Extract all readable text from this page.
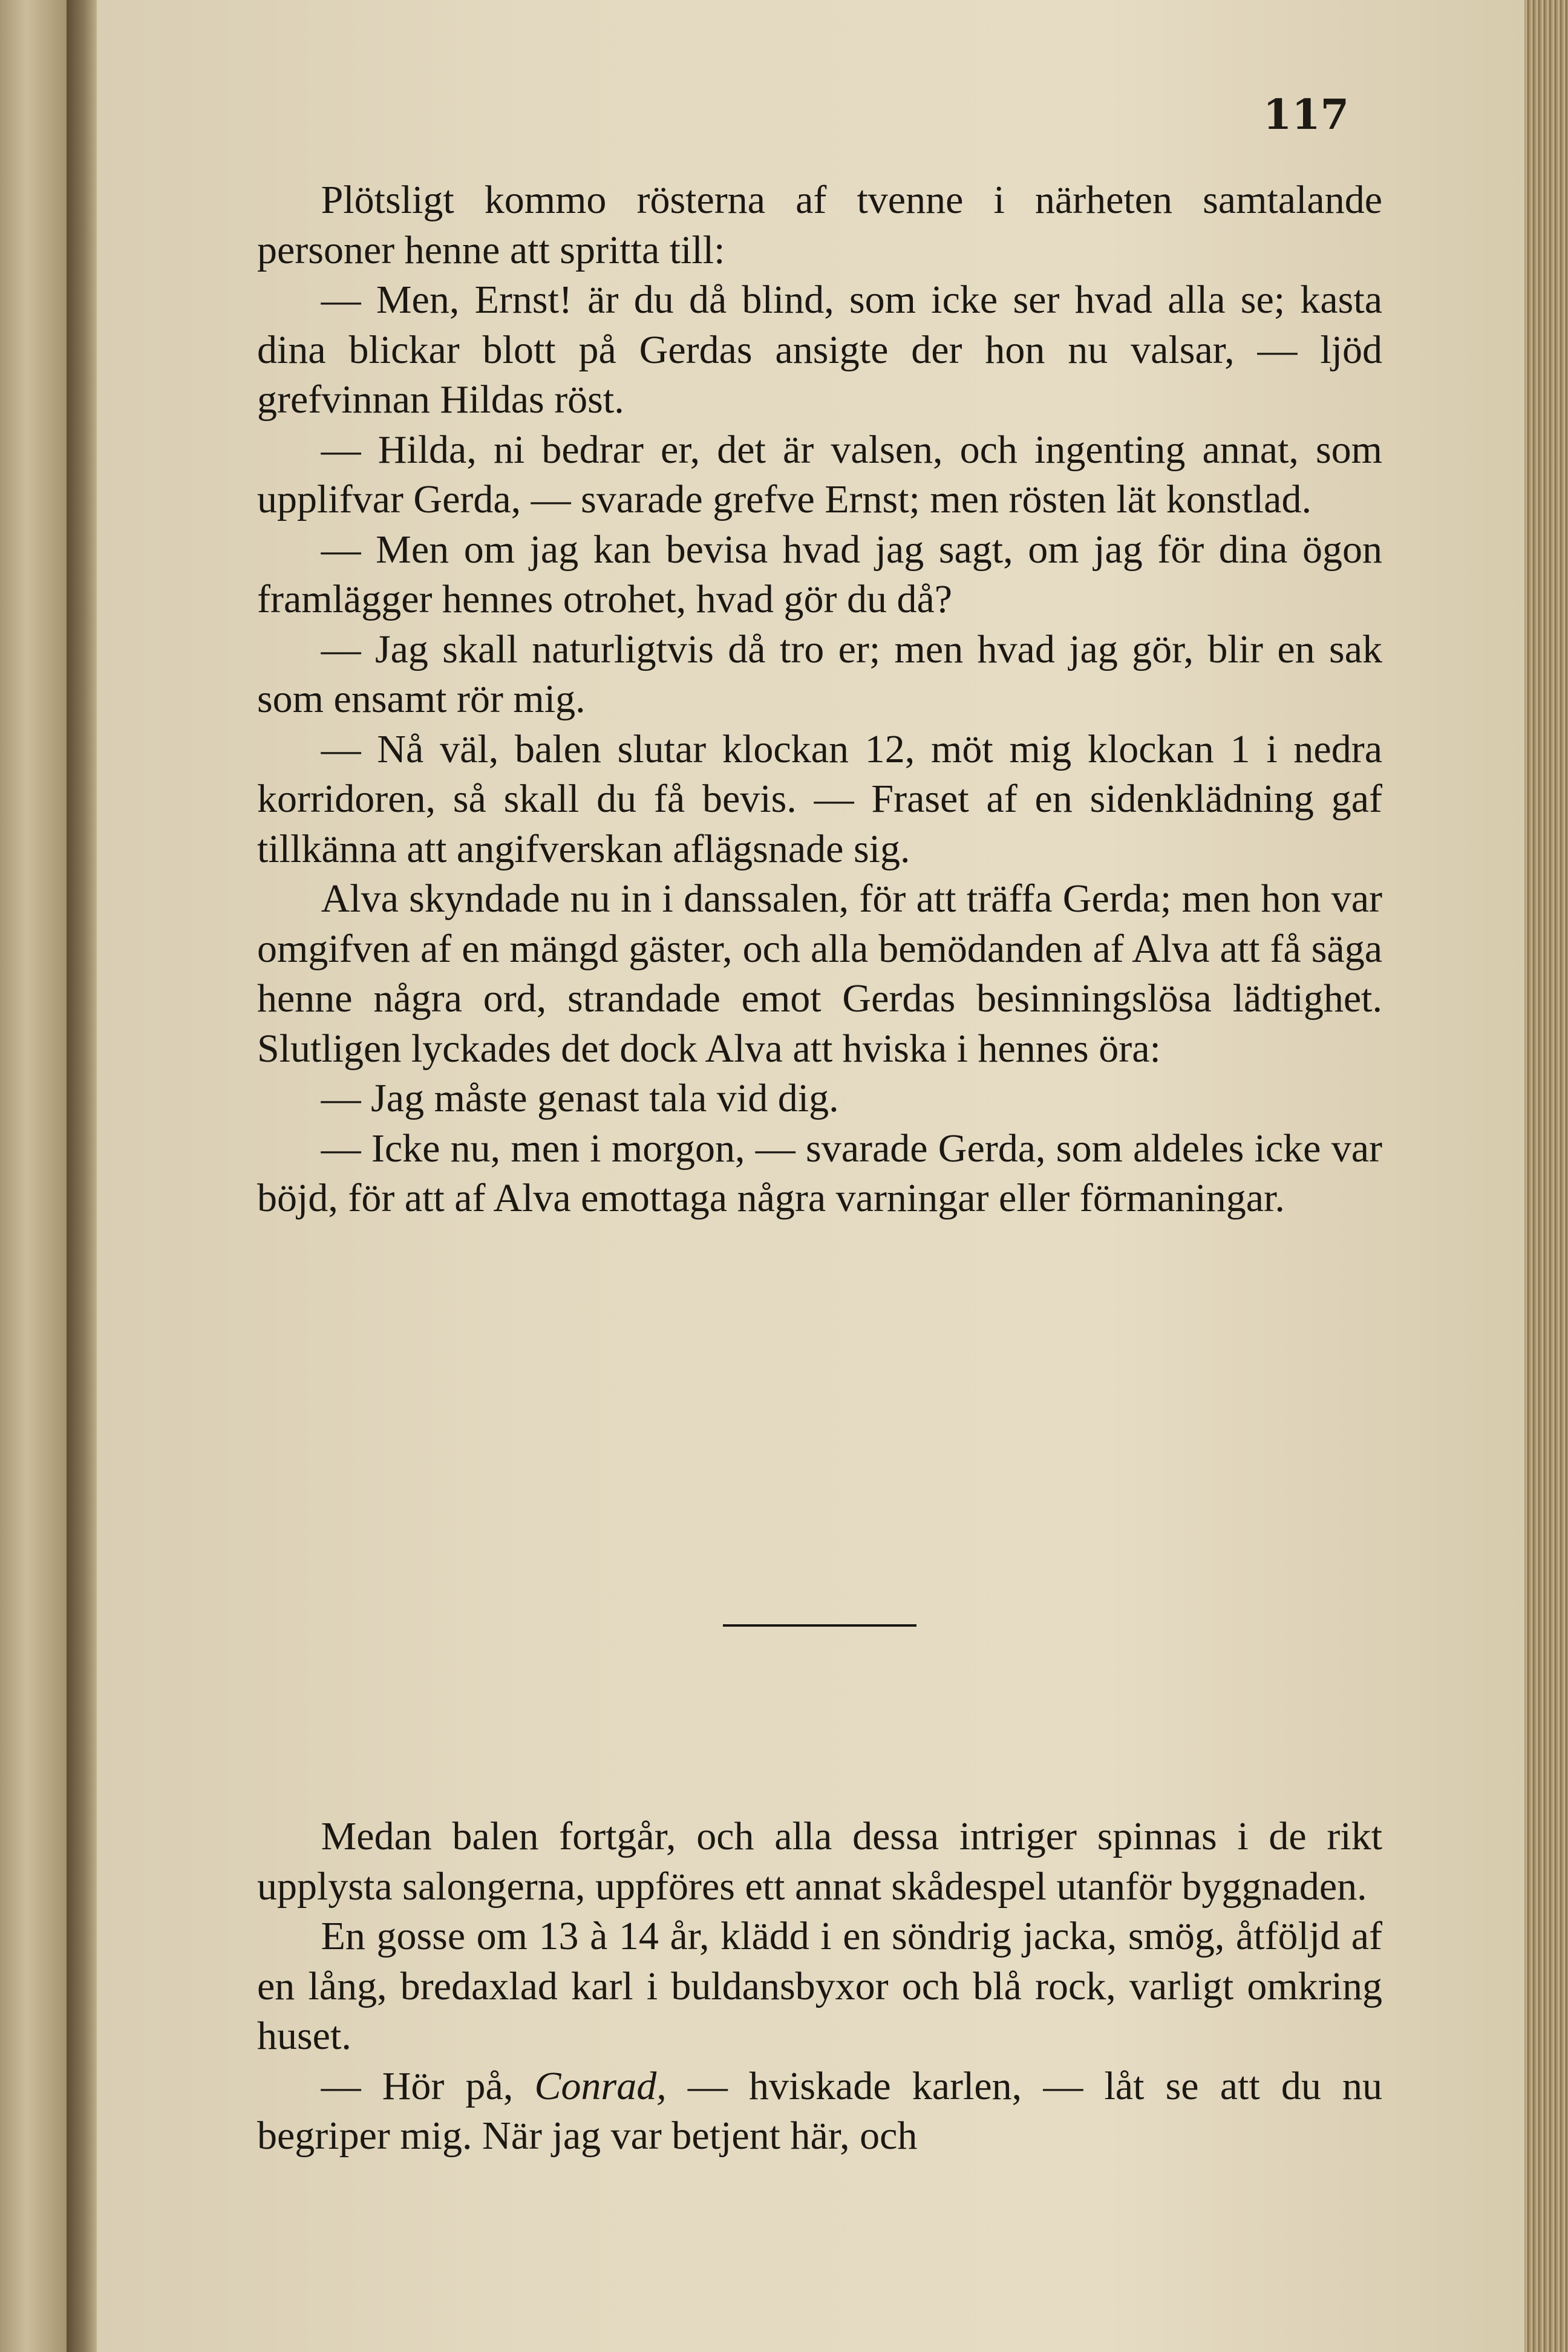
117

Plötsligt kommo rösterna af tvenne i närheten samtalande personer henne att spritta till:

— Men, Ernst! är du då blind, som icke ser hvad alla se; kasta dina blickar blott på Gerdas ansigte der hon nu valsar, — ljöd grefvinnan Hildas röst.

— Hilda, ni bedrar er, det är valsen, och ingenting annat, som upplifvar Gerda, — svarade grefve Ernst; men rösten lät konstlad.

— Men om jag kan bevisa hvad jag sagt, om jag för dina ögon framlägger hennes otrohet, hvad gör du då?

— Jag skall naturligtvis då tro er; men hvad jag gör, blir en sak som ensamt rör mig.

— Nå väl, balen slutar klockan 12, möt mig klockan 1 i nedra korridoren, så skall du få bevis. — Fraset af en sidenklädning gaf tillkänna att angifverskan aflägsnade sig.

Alva skyndade nu in i danssalen, för att träffa Gerda; men hon var omgifven af en mängd gäster, och alla bemödanden af Alva att få säga henne några ord, strandade emot Gerdas besinningslösa lädtighet. Slutligen lyckades det dock Alva att hviska i hennes öra:

— Jag måste genast tala vid dig.

— Icke nu, men i morgon, — svarade Gerda, som aldeles icke var böjd, för att af Alva emottaga några varningar eller förmaningar.

Medan balen fortgår, och alla dessa intriger spinnas i de rikt upplysta salongerna, uppföres ett annat skådespel utanför byggnaden.

En gosse om 13 à 14 år, klädd i en söndrig jacka, smög, åtföljd af en lång, bredaxlad karl i buldansbyxor och blå rock, varligt omkring huset.

— Hör på, Conrad, — hviskade karlen, — låt se att du nu begriper mig. När jag var betjent här, och
